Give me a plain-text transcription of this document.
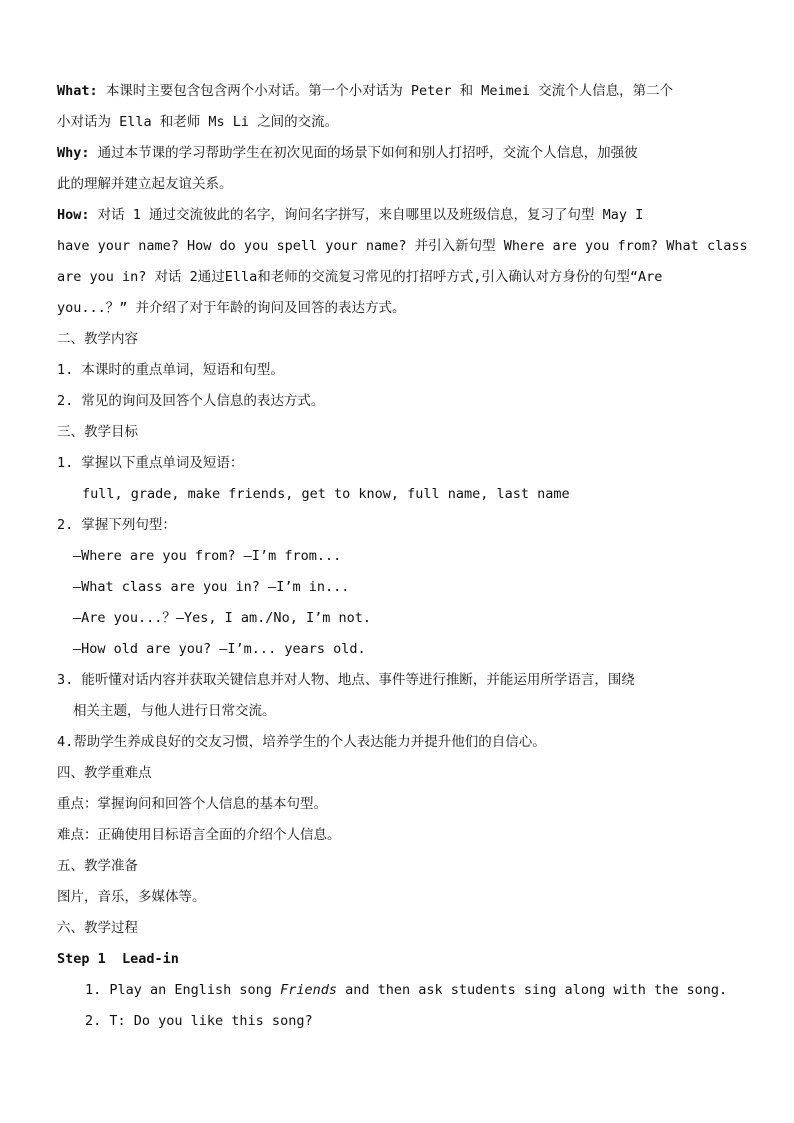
What: 本课时主要包含包含两个小对话。第一个小对话为 Peter 和 Meimei 交流个人信息，第二个

小对话为 Ella 和老师 Ms Li 之间的交流。

Why: 通过本节课的学习帮助学生在初次见面的场景下如何和别人打招呼，交流个人信息，加强彼

此的理解并建立起友谊关系。

How: 对话 1 通过交流彼此的名字，询问名字拼写，来自哪里以及班级信息，复习了句型 May I

have your name? How do you spell your name? 并引入新句型 Where are you from? What class

are you in? 对话 2通过Ella和老师的交流复习常见的打招呼方式,引入确认对方身份的句型“Are

you...？” 并介绍了对于年龄的询问及回答的表达方式。

二、教学内容

1. 本课时的重点单词，短语和句型。

2. 常见的询问及回答个人信息的表达方式。

三、教学目标

1. 掌握以下重点单词及短语：

full, grade, make friends, get to know, full name, last name

2. 掌握下列句型：

—Where are you from? —I’m from...

—What class are you in? —I’m in...

—Are you...？—Yes, I am./No, I’m not.

—How old are you? —I’m... years old.

3. 能听懂对话内容并获取关键信息并对人物、地点、事件等进行推断，并能运用所学语言，围绕

相关主题，与他人进行日常交流。

4.帮助学生养成良好的交友习惯，培养学生的个人表达能力并提升他们的自信心。

四、教学重难点

重点：掌握询问和回答个人信息的基本句型。

难点：正确使用目标语言全面的介绍个人信息。

五、教学准备

图片，音乐，多媒体等。

六、教学过程

Step 1  Lead-in

1. Play an English song Friends and then ask students sing along with the song.

2. T: Do you like this song?
